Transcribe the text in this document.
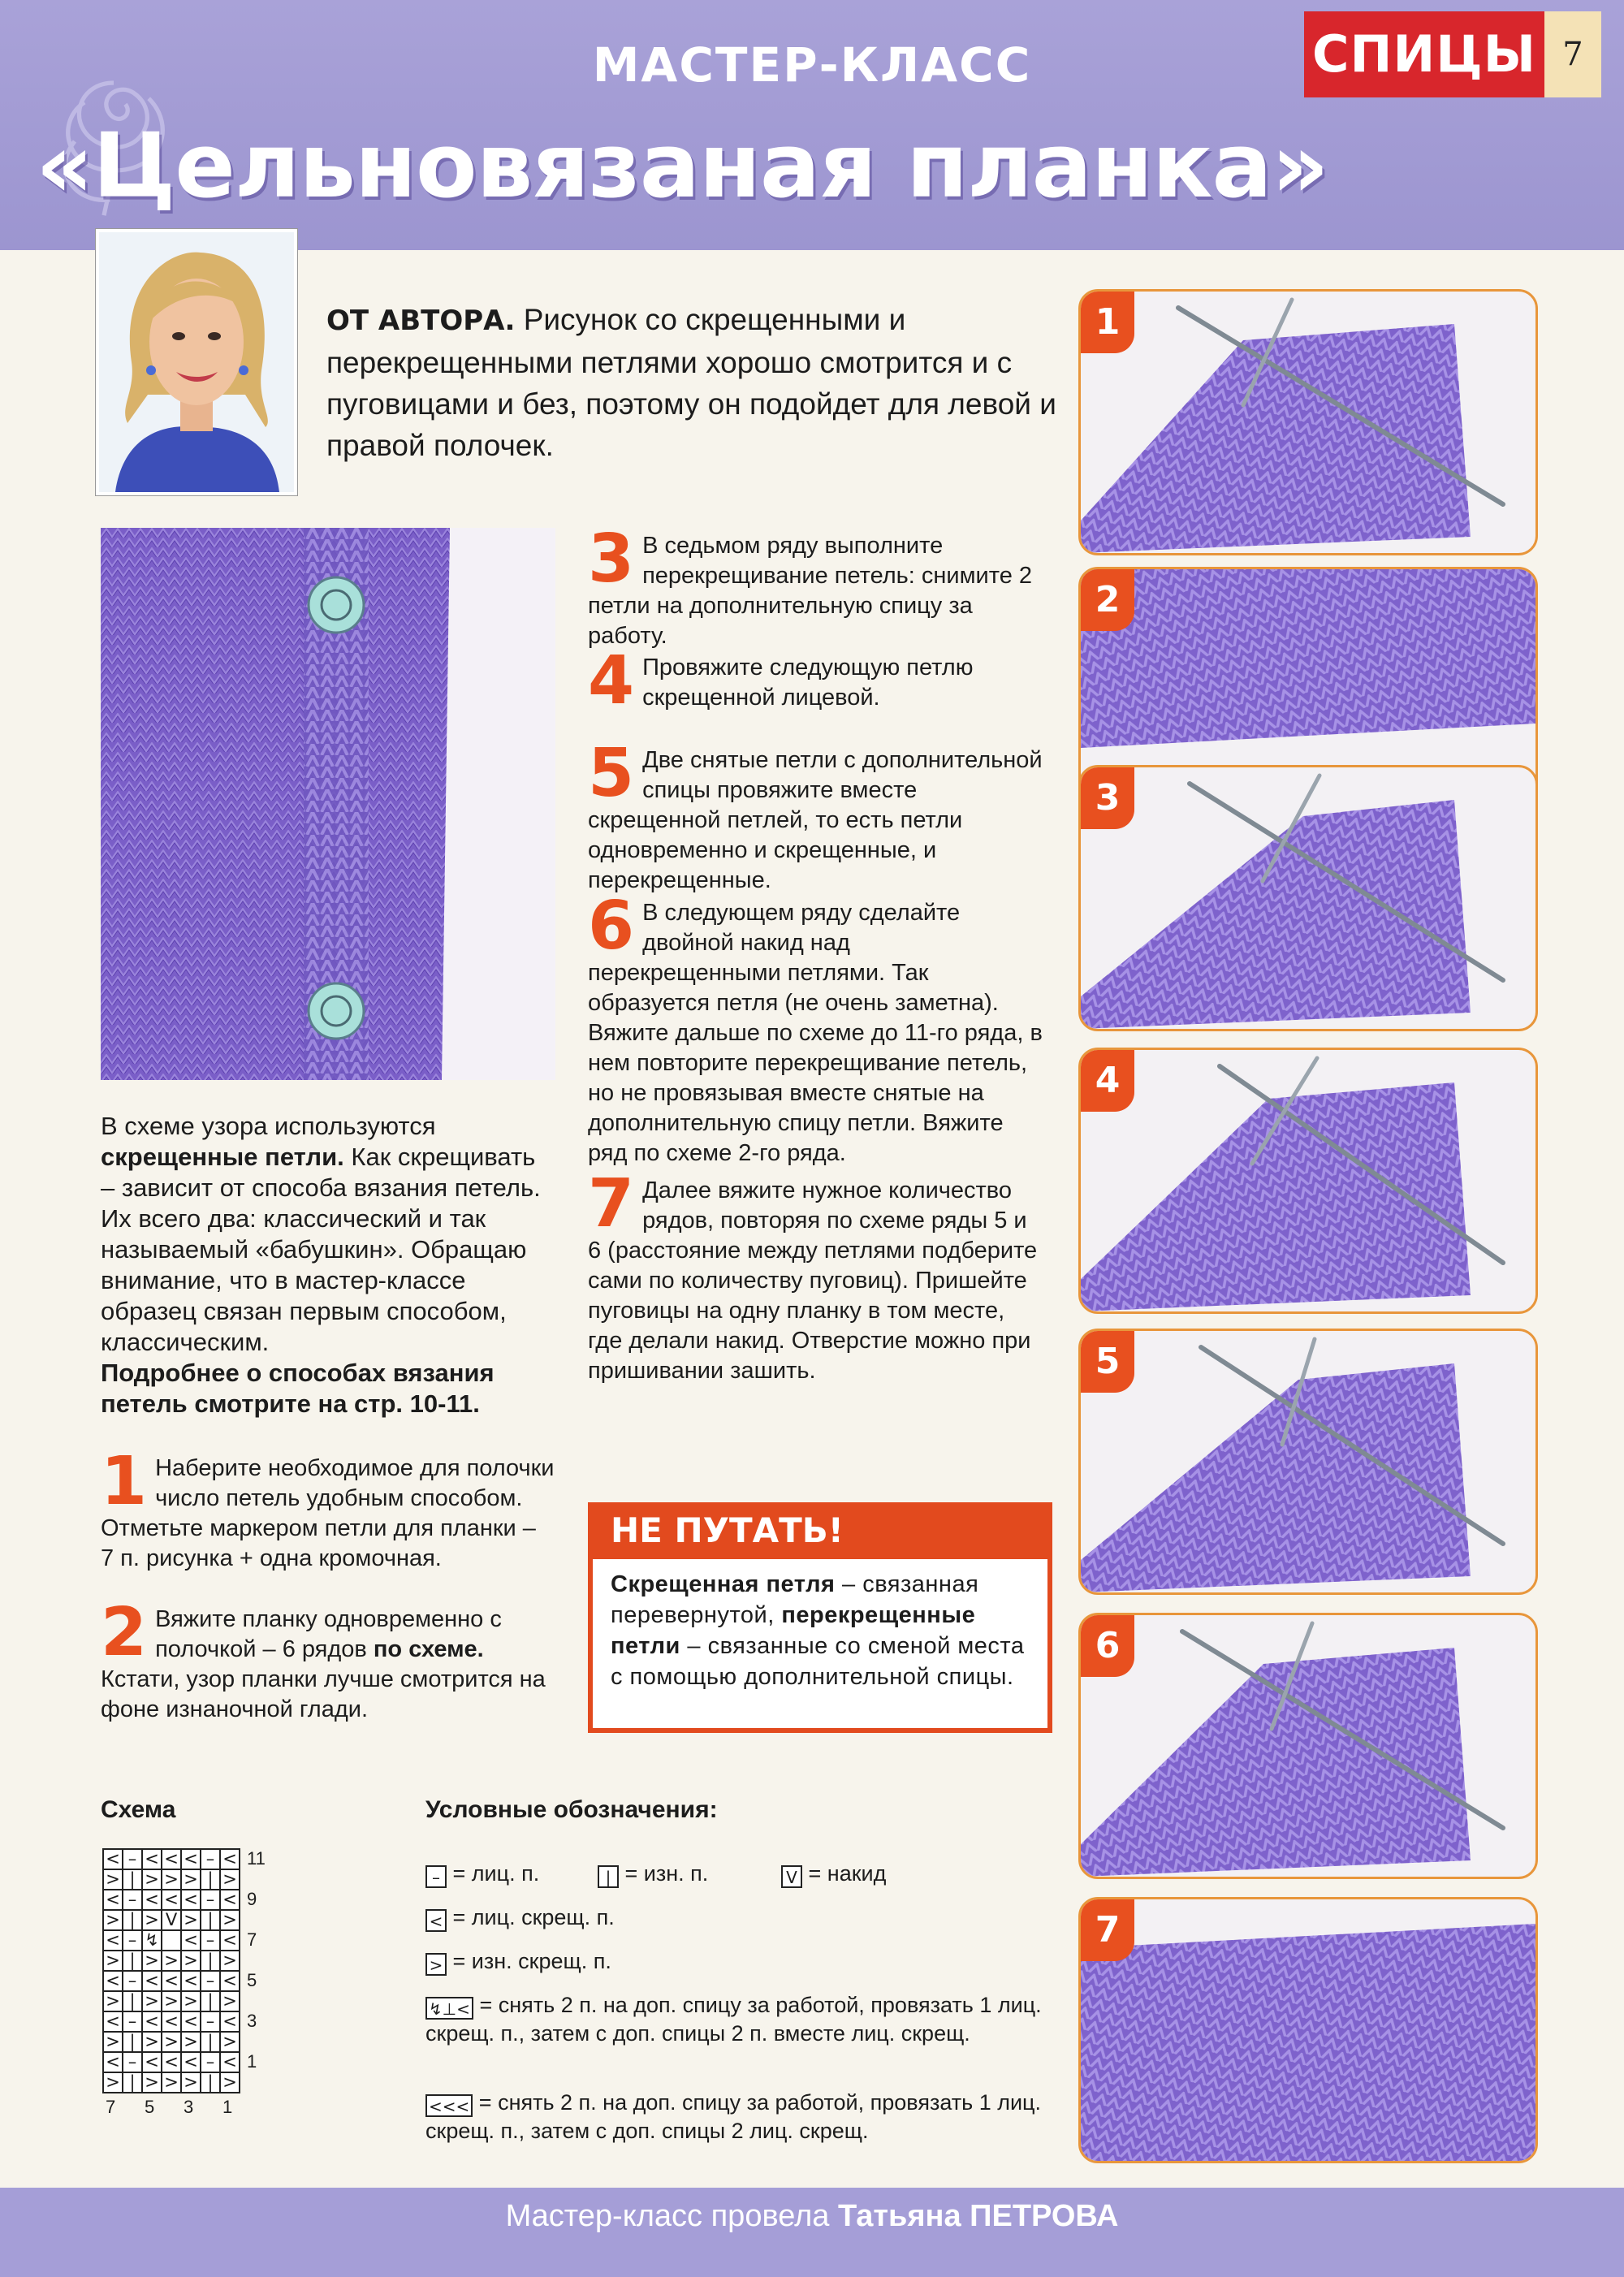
МАСТЕР-КЛАСС
«Цельновязаная планка»
СПИЦЫ 7
ОТ АВТОРА. Рисунок со скрещенными и перекрещенными петлями хорошо смотрится и с пуговицами и без, поэтому он подойдет для левой и правой полочек.
В схеме узора используются скрещенные петли. Как скрещивать – зависит от способа вязания петель. Их всего два: классический и так называемый «бабушкин». Обращаю внимание, что в мастер-классе образец связан первым способом, классическим.
Подробнее о способах вязания петель смотрите на стр. 10-11.
1 Наберите необходимое для полочки число петель удобным способом. Отметьте маркером петли для планки – 7 п. рисунка + одна кромочная.
2 Вяжите планку одновременно с полочкой – 6 рядов по схеме. Кстати, узор планки лучше смотрится на фоне изнаночной глади.
3 В седьмом ряду выполните перекрещивание петель: снимите 2 петли на дополнительную спицу за работу.
4 Провяжите следующую петлю скрещенной лицевой.
5 Две снятые петли с дополнительной спицы провяжите вместе скрещенной петлей, то есть петли одновременно и скрещенные, и перекрещенные.
6 В следующем ряду сделайте двойной накид над перекрещенными петлями. Так образуется петля (не очень заметна). Вяжите дальше по схеме до 11-го ряда, в нем повторите перекрещивание петель, но не провязывая вместе снятые на дополнительную спицу петли. Вяжите ряд по схеме 2-го ряда.
7 Далее вяжите нужное количество рядов, повторяя по схеме ряды 5 и 6 (расстояние между петлями подберите сами по количеству пуговиц). Пришейте пуговицы на одну планку в том месте, где делали накид. Отверстие можно при пришивании зашить.
НЕ ПУТАТЬ!
Скрещенная петля – связанная перевернутой, перекрещенные петли – связанные со сменой места с помощью дополнительной спицы.
1
2
3
4
5
6
7
Схема
< – < < < – <
> | > > > | >
< – < < < – <
> | > V > | >
< – ↯ < – <
> | > > > | >
< – < < < – <
> | > > > | >
< – < < < – <
> | > > > | >
< – < < < – <
> | > > > | >
11
9
7
5
3
1
7 5 3 1
Условные обозначения:
– = лиц. п.	| = изн. п.	V = накид
< = лиц. скрещ. п.
> = изн. скрещ. п.
↯⊥< = снять 2 п. на доп. спицу за работой, провязать 1 лиц. скрещ. п., затем с доп. спицы 2 п. вместе лиц. скрещ.
<<< = снять 2 п. на доп. спицу за работой, провязать 1 лиц. скрещ. п., затем с доп. спицы 2 лиц. скрещ.
Мастер-класс провела Татьяна ПЕТРОВА
